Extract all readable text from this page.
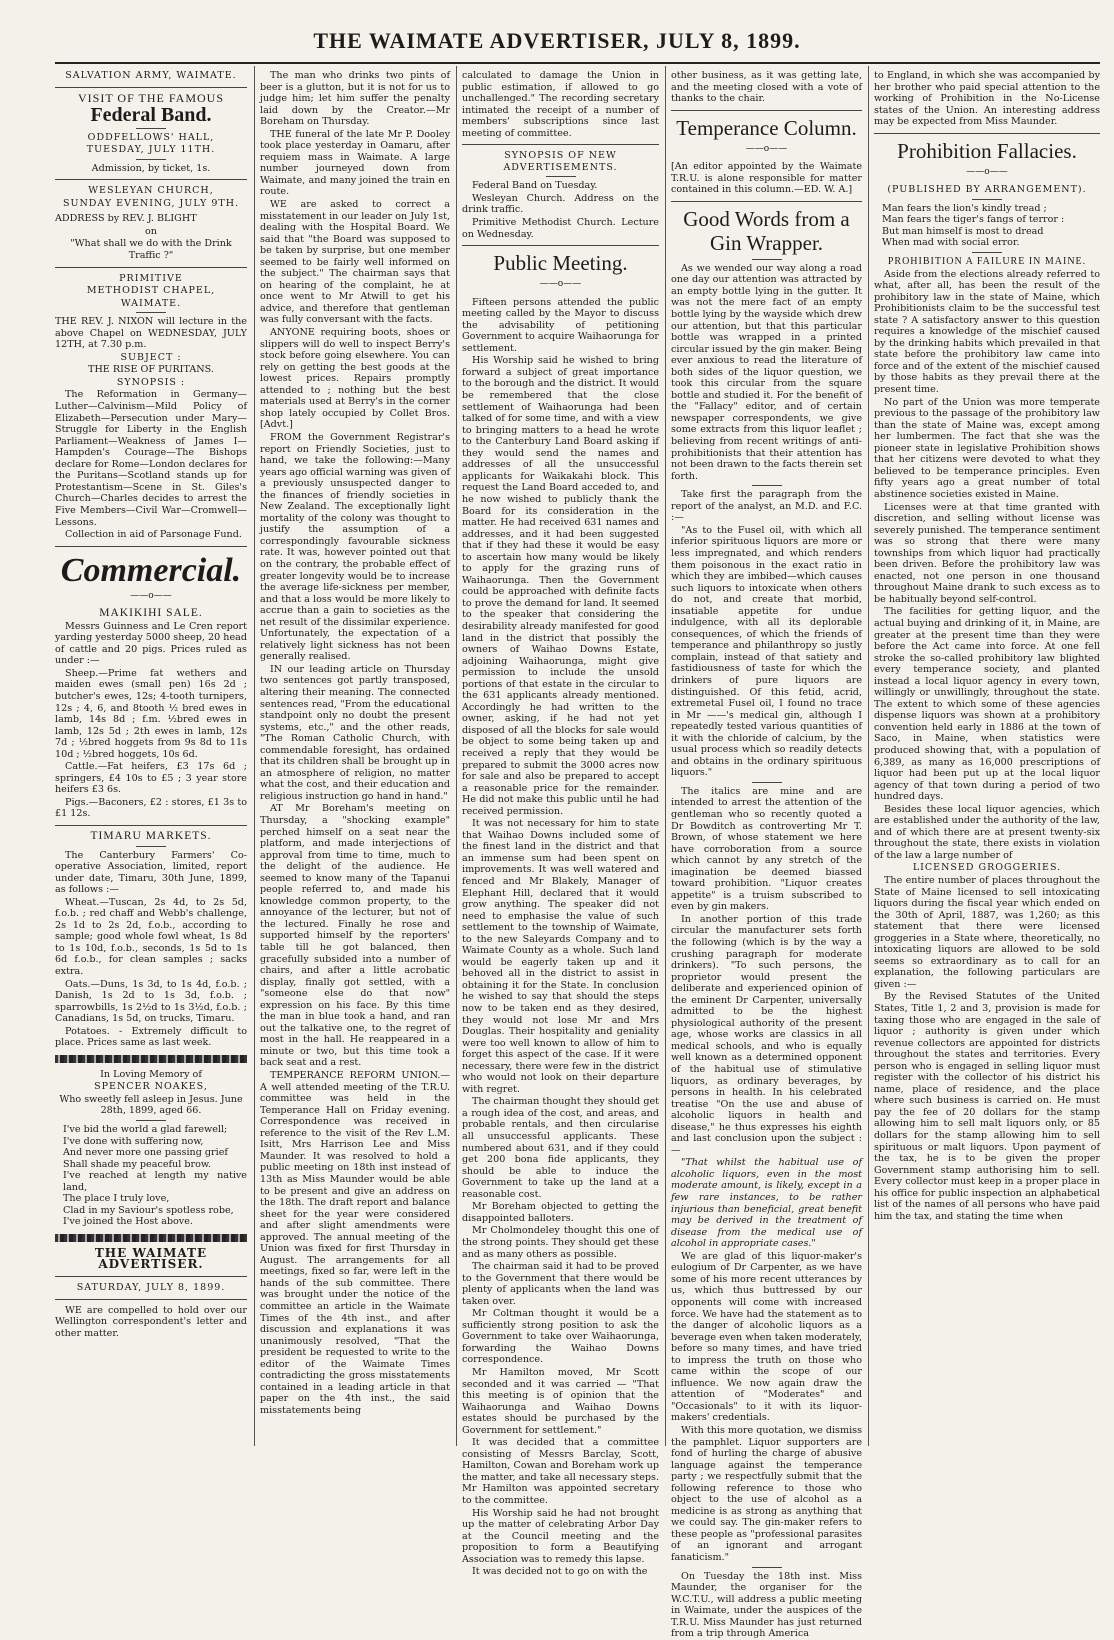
THE WAIMATE ADVERTISER, JULY 8, 1899.

SALVATION ARMY, WAIMATE.

VISIT OF THE FAMOUS

Federal Band.

ODDFELLOWS' HALL,

TUESDAY, JULY 11TH.

Admission, by ticket, 1s.

WESLEYAN CHURCH,

SUNDAY EVENING, JULY 9TH.

ADDRESS by REV. J. BLIGHT

on

"What shall we do with the Drink Traffic ?"

PRIMITIVE

METHODIST CHAPEL,

WAIMATE.

THE REV. J. NIXON will lecture in the above Chapel on WEDNESDAY, JULY 12TH, at 7.30 p.m.

SUBJECT :

THE RISE OF PURITANS.

SYNOPSIS :

The Reformation in Germany—Luther—Calvinism—Mild Policy of Elizabeth—Persecution under Mary—Struggle for Liberty in the English Parliament—Weakness of James I—Hampden's Courage—The Bishops declare for Rome—London declares for the Puritans—Scotland stands up for Protestantism—Scene in St. Giles's Church—Charles decides to arrest the Five Members—Civil War—Cromwell—Lessons.

Collection in aid of Parsonage Fund.

Commercial.
——o——

MAKIKIHI SALE.

Messrs Guinness and Le Cren report yarding yesterday 5000 sheep, 20 head of cattle and 20 pigs. Prices ruled as under :—

Sheep.—Prime fat wethers and maiden ewes (small pen) 16s 2d ; butcher's ewes, 12s; 4-tooth turnipers, 12s ; 4, 6, and 8tooth ½ bred ewes in lamb, 14s 8d ; f.m. ½bred ewes in lamb, 12s 5d ; 2th ewes in lamb, 12s 7d ; ½bred hoggets from 9s 8d to 11s 10d ; ½bred hoggets, 10s 6d.

Cattle.—Fat heifers, £3 17s 6d ; springers, £4 10s to £5 ; 3 year store heifers £3 6s.

Pigs.—Baconers, £2 : stores, £1 3s to £1 12s.

TIMARU MARKETS.

The Canterbury Farmers' Co-operative Association, limited, report under date, Timaru, 30th June, 1899, as follows :—

Wheat.—Tuscan, 2s 4d, to 2s 5d, f.o.b. ; red chaff and Webb's challenge, 2s 1d to 2s 2d, f.o.b., according to sample; good whole fowl wheat, 1s 8d to 1s 10d, f.o.b., seconds, 1s 5d to 1s 6d f.o.b., for clean samples ; sacks extra.

Oats.—Duns, 1s 3d, to 1s 4d, f.o.b. ; Danish, 1s 2d to 1s 3d, f.o.b. ; sparrowbills, 1s 2½d to 1s 3½d, f.o.b. ; Canadians, 1s 5d, on trucks, Timaru.

Potatoes. - Extremely difficult to place. Prices same as last week.

In Loving Memory of

SPENCER NOAKES,

Who sweetly fell asleep in Jesus. June 28th, 1899, aged 66.

I've bid the world a glad farewell;

I've done with suffering now,

And never more one passing grief

Shall shade my peaceful brow.

I've reached at length my native land,

The place I truly love,

Clad in my Saviour's spotless robe,

I've joined the Host above.

THE WAIMATE ADVERTISER.

SATURDAY, JULY 8, 1899.

WE are compelled to hold over our Wellington correspondent's letter and other matter.

The man who drinks two pints of beer is a glutton, but it is not for us to judge him; let him suffer the penalty laid down by the Creator.—Mr Boreham on Thursday.

THE funeral of the late Mr P. Dooley took place yesterday in Oamaru, after requiem mass in Waimate. A large number journeyed down from Waimate, and many joined the train en route.

WE are asked to correct a misstatement in our leader on July 1st, dealing with the Hospital Board. We said that "the Board was supposed to be taken by surprise, but one member seemed to be fairly well informed on the subject." The chairman says that on hearing of the complaint, he at once went to Mr Atwill to get his advice, and therefore that gentleman was fully conversant with the facts.

ANYONE requiring boots, shoes or slippers will do well to inspect Berry's stock before going elsewhere. You can rely on getting the best goods at the lowest prices. Repairs promptly attended to ; nothing but the best materials used at Berry's in the corner shop lately occupied by Collet Bros. [Advt.]

FROM the Government Registrar's report on Friendly Societies, just to hand, we take the following:—Many years ago official warning was given of a previously unsuspected danger to the finances of friendly societies in New Zealand. The exceptionally light mortality of the colony was thought to justify the assumption of a correspondingly favourable sickness rate. It was, however pointed out that on the contrary, the probable effect of greater longevity would be to increase the average life-sickness per member, and that a loss would be more likely to accrue than a gain to societies as the net result of the dissimilar experience. Unfortunately, the expectation of a relatively light sickness has not been generally realised.

IN our leading article on Thursday two sentences got partly transposed, altering their meaning. The connected sentences read, "From the educational standpoint only no doubt the present systems, etc.," and the other reads, "The Roman Catholic Church, with commendable foresight, has ordained that its children shall be brought up in an atmosphere of religion, no matter what the cost, and their education and religious instruction go hand in hand."

AT Mr Boreham's meeting on Thursday, a "shocking example" perched himself on a seat near the platform, and made interjections of approval from time to time, much to the delight of the audience. He seemed to know many of the Tapanui people referred to, and made his knowledge common property, to the annoyance of the lecturer, but not of the lectured. Finally he rose and supported himself by the reporters' table till he got balanced, then gracefully subsided into a number of chairs, and after a little acrobatic display, finally got settled, with a "someone else do that now" expression on his face. By this time the man in blue took a hand, and ran out the talkative one, to the regret of most in the hall. He reappeared in a minute or two, but this time took a back seat and a rest.

TEMPERANCE REFORM UNION.— A well attended meeting of the T.R.U. committee was held in the Temperance Hall on Friday evening. Correspondence was received in reference to the visit of the Rev L.M. Isitt, Mrs Harrison Lee and Miss Maunder. It was resolved to hold a public meeting on 18th inst instead of 13th as Miss Maunder would be able to be present and give an address on the 18th. The draft report and balance sheet for the year were considered and after slight amendments were approved. The annual meeting of the Union was fixed for first Thursday in August. The arrangements for all meetings, fixed so far, were left in the hands of the sub committee. There was brought under the notice of the committee an article in the Waimate Times of the 4th inst., and after discussion and explanations it was unanimously resolved, "That the president be requested to write to the editor of the Waimate Times contradicting the gross misstatements contained in a leading article in that paper on the 4th inst., the said misstatements being

calculated to damage the Union in public estimation, if allowed to go unchallenged." The recording secretary intimated the receipt of a number of members' subscriptions since last meeting of committee.

SYNOPSIS OF NEW ADVERTISEMENTS.

Federal Band on Tuesday.

Wesleyan Church. Address on the drink traffic.

Primitive Methodist Church. Lecture on Wednesday.

Public Meeting.
——o——

Fifteen persons attended the public meeting called by the Mayor to discuss the advisability of petitioning Government to acquire Waihaorunga for settlement.

His Worship said he wished to bring forward a subject of great importance to the borough and the district. It would be remembered that the close settlement of Waihaorunga had been talked of for some time, and with a view to bringing matters to a head he wrote to the Canterbury Land Board asking if they would send the names and addresses of all the unsuccessful applicants for Waikakahi block. This request the Land Board acceded to, and he now wished to publicly thank the Board for its consideration in the matter. He had received 631 names and addresses, and it had been suggested that if they had these it would be easy to ascertain how many would be likely to apply for the grazing runs of Waihaorunga. Then the Government could be approached with definite facts to prove the demand for land. It seemed to the speaker that considering the desirability already manifested for good land in the district that possibly the owners of Waihao Downs Estate, adjoining Waihaorunga, might give permission to include the unsold portions of that estate in the circular to the 631 applicants already mentioned. Accordingly he had written to the owner, asking, if he had not yet disposed of all the blocks for sale would be object to some being taken up and received a reply that they would be prepared to submit the 3000 acres now for sale and also be prepared to accept a reasonable price for the remainder. He did not make this public until he had received permission.

It was not necessary for him to state that Waihao Downs included some of the finest land in the district and that an immense sum had been spent on improvements. It was well watered and fenced and Mr Blakely, Manager of Elephant Hill, declared that it would grow anything. The speaker did not need to emphasise the value of such settlement to the township of Waimate, to the new Saleyards Company and to Waimate County as a whole. Such land would be eagerly taken up and it behoved all in the district to assist in obtaining it for the State. In conclusion he wished to say that should the steps now to be taken end as they desired, they would not lose Mr and Mrs Douglas. Their hospitality and geniality were too well known to allow of him to forget this aspect of the case. If it were necessary, there were few in the district who would not look on their departure with regret.

The chairman thought they should get a rough idea of the cost, and areas, and probable rentals, and then circularise all unsuccessful applicants. These numbered about 631, and if they could get 200 bona fide applicants, they should be able to induce the Government to take up the land at a reasonable cost.

Mr Boreham objected to getting the disappointed balloters.

Mr Cholmondeley thought this one of the strong points. They should get these and as many others as possible.

The chairman said it had to be proved to the Government that there would be plenty of applicants when the land was taken over.

Mr Coltman thought it would be a sufficiently strong position to ask the Government to take over Waihaorunga, forwarding the Waihao Downs correspondence.

Mr Hamilton moved, Mr Scott seconded and it was carried — "That this meeting is of opinion that the Waihaorunga and Waihao Downs estates should be purchased by the Government for settlement."

It was decided that a committee consisting of Messrs Barclay, Scott, Hamilton, Cowan and Boreham work up the matter, and take all necessary steps. Mr Hamilton was appointed secretary to the committee.

His Worship said he had not brought up the matter of celebrating Arbor Day at the Council meeting and the proposition to form a Beautifying Association was to remedy this lapse.

It was decided not to go on with the

other business, as it was getting late, and the meeting closed with a vote of thanks to the chair.

Temperance Column.
——o——

[An editor appointed by the Waimate T.R.U. is alone responsible for matter contained in this column.—ED. W. A.]

Good Words from a Gin Wrapper.

As we wended our way along a road one day our attention was attracted by an empty bottle lying in the gutter. It was not the mere fact of an empty bottle lying by the wayside which drew our attention, but that this particular bottle was wrapped in a printed circular issued by the gin maker. Being ever anxious to read the literature of both sides of the liquor question, we took this circular from the square bottle and studied it. For the benefit of the "Fallacy" editor, and of certain newspaper correspondents, we give some extracts from this liquor leaflet ; believing from recent writings of anti-prohibitionists that their attention has not been drawn to the facts therein set forth.

Take first the paragraph from the report of the analyst, an M.D. and F.C. :—

"As to the Fusel oil, with which all inferior spirituous liquors are more or less impregnated, and which renders them poisonous in the exact ratio in which they are imbibed—which causes such liquors to intoxicate when others do not, and create that morbid, insatiable appetite for undue indulgence, with all its deplorable consequences, of which the friends of temperance and philanthropy so justly complain, instead of that satiety and fastidiousness of taste for which the drinkers of pure liquors are distinguished. Of this fetid, acrid, extremetal Fusel oil, I found no trace in Mr ——'s medical gin, although I repeatedly tested various quantities of it with the chloride of calcium, by the usual process which so readily detects and obtains in the ordinary spirituous liquors."

The italics are mine and are intended to arrest the attention of the gentleman who so recently quoted a Dr Bowditch as controverting Mr T. Brown, of whose statement we here have corroboration from a source which cannot by any stretch of the imagination be deemed biassed toward prohibition. "Liquor creates appetite" is a truism subscribed to even by gin makers.

In another portion of this trade circular the manufacturer sets forth the following (which is by the way a crushing paragraph for moderate drinkers). "To such persons, the proprietor would present the deliberate and experienced opinion of the eminent Dr Carpenter, universally admitted to be the highest physiological authority of the present age, whose works are classics in all medical schools, and who is equally well known as a determined opponent of the habitual use of stimulative liquors, as ordinary beverages, by persons in health. In his celebrated treatise "On the use and abuse of alcoholic liquors in health and disease," he thus expresses his eighth and last conclusion upon the subject :—

"That whilst the habitual use of alcoholic liquors, even in the most moderate amount, is likely, except in a few rare instances, to be rather injurious than beneficial, great benefit may be derived in the treatment of disease from the medical use of alcohol in appropriate cases."

We are glad of this liquor-maker's eulogium of Dr Carpenter, as we have some of his more recent utterances by us, which thus buttressed by our opponents will come with increased force. We have had the statement as to the danger of alcoholic liquors as a beverage even when taken moderately, before so many times, and have tried to impress the truth on those who came within the scope of our influence. We now again draw the attention of "Moderates" and "Occasionals" to it with its liquor-makers' credentials.

With this more quotation, we dismiss the pamphlet. Liquor supporters are fond of hurling the charge of abusive language against the temperance party ; we respectfully submit that the following reference to those who object to the use of alcohol as a medicine is as strong as anything that we could say. The gin-maker refers to these people as "professional parasites of an ignorant and arrogant fanaticism."

On Tuesday the 18th inst. Miss Maunder, the organiser for the W.C.T.U., will address a public meeting in Waimate, under the auspices of the T.R.U. Miss Maunder has just returned from a trip through America

to England, in which she was accompanied by her brother who paid special attention to the working of Prohibition in the No-License states of the Union. An interesting address may be expected from Miss Maunder.

Prohibition Fallacies.
——o——

(PUBLISHED BY ARRANGEMENT).

Man fears the lion's kindly tread ;

Man fears the tiger's fangs of terror :

But man himself is most to dread

When mad with social error.

PROHIBITION A FAILURE IN MAINE.

Aside from the elections already referred to what, after all, has been the result of the prohibitory law in the state of Maine, which Prohibitionists claim to be the successful test state ? A satisfactory answer to this question requires a knowledge of the mischief caused by the drinking habits which prevailed in that state before the prohibitory law came into force and of the extent of the mischief caused by those habits as they prevail there at the present time.

No part of the Union was more temperate previous to the passage of the prohibitory law than the state of Maine was, except among her lumbermen. The fact that she was the pioneer state in legislative Prohibition shows that her citizens were devoted to what they believed to be temperance principles. Even fifty years ago a great number of total abstinence societies existed in Maine.

Licenses were at that time granted with discretion, and selling without license was severely punished. The temperance sentiment was so strong that there were many townships from which liquor had practically been driven. Before the prohibitory law was enacted, not one person in one thousand throughout Maine drank to such excess as to be habitually beyond self-control.

The facilities for getting liquor, and the actual buying and drinking of it, in Maine, are greater at the present time than they were before the Act came into force. At one fell stroke the so-called prohibitory law blighted every temperance society, and planted instead a local liquor agency in every town, willingly or unwillingly, throughout the state. The extent to which some of these agencies dispense liquors was shown at a prohibitory convention held early in 1886 at the town of Saco, in Maine, when statistics were produced showing that, with a population of 6,389, as many as 16,000 prescriptions of liquor had been put up at the local liquor agency of that town during a period of two hundred days.

Besides these local liquor agencies, which are established under the authority of the law, and of which there are at present twenty-six throughout the state, there exists in violation of the law a large number of

LICENSED GROGGERIES.

The entire number of places throughout the State of Maine licensed to sell intoxicating liquors during the fiscal year which ended on the 30th of April, 1887, was 1,260; as this statement that there were licensed groggeries in a State where, theoretically, no intoxicating liquors are allowed to be sold seems so extraordinary as to call for an explanation, the following particulars are given :—

By the Revised Statutes of the United States, Title 1, 2 and 3, provision is made for taxing those who are engaged in the sale of liquor ; authority is given under which revenue collectors are appointed for districts throughout the states and territories. Every person who is engaged in selling liquor must register with the collector of his district his name, place of residence, and the place where such business is carried on. He must pay the fee of 20 dollars for the stamp allowing him to sell malt liquors only, or 85 dollars for the stamp allowing him to sell spirituous or malt liquors. Upon payment of the tax, he is to be given the proper Government stamp authorising him to sell. Every collector must keep in a proper place in his office for public inspection an alphabetical list of the names of all persons who have paid him the tax, and stating the time when
